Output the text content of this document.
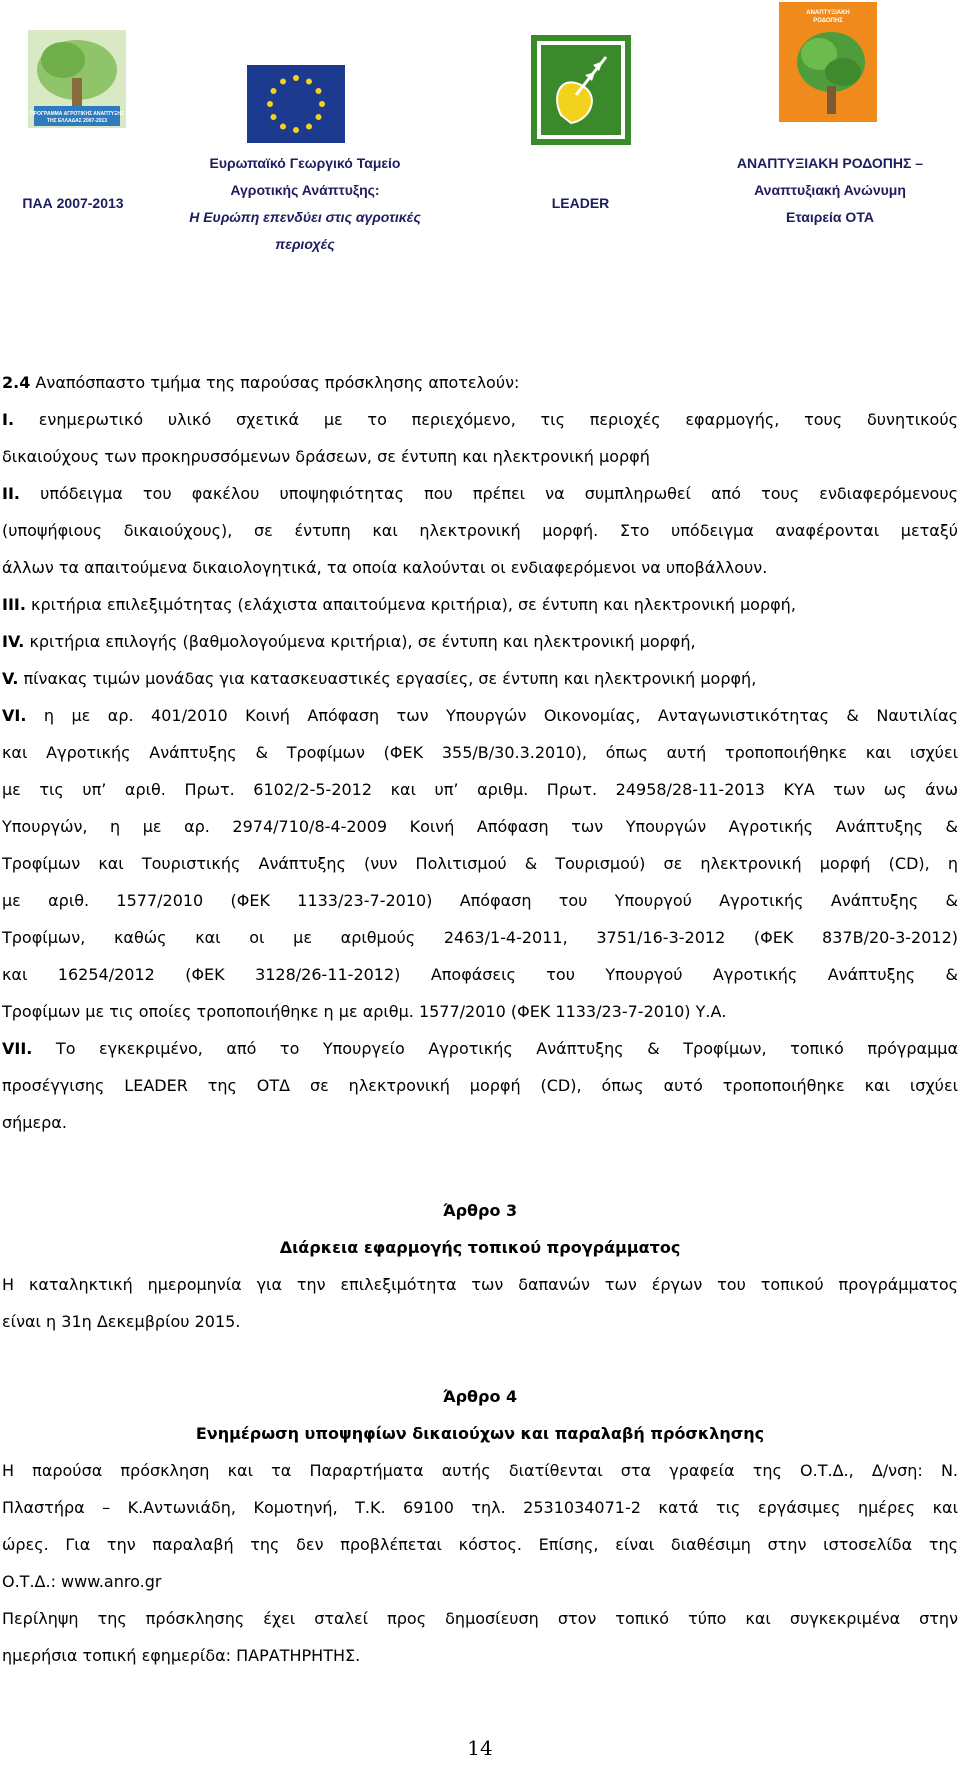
ΠΡΟΓΡΑΜΜΑ ΑΓΡΟΤΙΚΗΣ ΑΝΑΠΤΥΞΗΣ
ΤΗΣ ΕΛΛΑΔΑΣ 2007-2013
ΑΝΑΠΤΥΞΙΑΚΗ
ΡΟΔΟΠΗΣ
ΠΑΑ 2007-2013
Ευρωπαϊκό Γεωργικό Ταμείο
Αγροτικής Ανάπτυξης:
Η Ευρώπη επενδύει στις αγροτικές
περιοχές
LEADER
ΑΝΑΠΤΥΞΙΑΚΗ ΡΟΔΟΠΗΣ –
Αναπτυξιακή Ανώνυμη
Εταιρεία ΟΤΑ
2.4 Αναπόσπαστο τμήμα της παρούσας πρόσκλησης αποτελούν:
I. ενημερωτικό υλικό σχετικά με το περιεχόμενο, τις περιοχές εφαρμογής, τους δυνητικούς
δικαιούχους των προκηρυσσόμενων δράσεων, σε έντυπη και ηλεκτρονική μορφή
II. υπόδειγμα του φακέλου υποψηφιότητας που πρέπει να συμπληρωθεί από τους ενδιαφερόμενους
(υποψήφιους δικαιούχους), σε έντυπη και ηλεκτρονική μορφή. Στο υπόδειγμα αναφέρονται μεταξύ
άλλων τα απαιτούμενα δικαιολογητικά, τα οποία καλούνται οι ενδιαφερόμενοι να υποβάλλουν.
III. κριτήρια επιλεξιμότητας (ελάχιστα απαιτούμενα κριτήρια), σε έντυπη και ηλεκτρονική μορφή,
IV. κριτήρια επιλογής (βαθμολογούμενα κριτήρια), σε έντυπη και ηλεκτρονική μορφή,
V. πίνακας τιμών μονάδας για κατασκευαστικές εργασίες, σε έντυπη και ηλεκτρονική μορφή,
VI. η με αρ. 401/2010 Κοινή Απόφαση των Υπουργών Οικονομίας, Ανταγωνιστικότητας & Ναυτιλίας
και Αγροτικής Ανάπτυξης & Τροφίμων (ΦΕΚ 355/Β/30.3.2010), όπως αυτή τροποποιήθηκε και ισχύει
με τις υπ’ αριθ. Πρωτ. 6102/2-5-2012 και υπ’ αριθμ. Πρωτ. 24958/28-11-2013 ΚΥΑ των ως άνω
Υπουργών, η με αρ. 2974/710/8-4-2009 Κοινή Απόφαση των Υπουργών Αγροτικής Ανάπτυξης &
Τροφίμων και Τουριστικής Ανάπτυξης (νυν Πολιτισμού & Τουρισμού) σε ηλεκτρονική μορφή (CD), η
με αριθ. 1577/2010 (ΦΕΚ 1133/23-7-2010) Απόφαση του Υπουργού Αγροτικής Ανάπτυξης &
Τροφίμων, καθώς και οι με αριθμούς 2463/1-4-2011, 3751/16-3-2012 (ΦΕΚ 837Β/20-3-2012)
και 16254/2012 (ΦΕΚ 3128/26-11-2012) Αποφάσεις του Υπουργού Αγροτικής Ανάπτυξης &
Τροφίμων με τις οποίες τροποποιήθηκε η με αριθμ. 1577/2010 (ΦΕΚ 1133/23-7-2010) Υ.Α.
VII. Το εγκεκριμένο, από το Υπουργείο Αγροτικής Ανάπτυξης & Τροφίμων, τοπικό πρόγραμμα
προσέγγισης LEADER της ΟΤΔ σε ηλεκτρονική μορφή (CD), όπως αυτό τροποποιήθηκε και ισχύει
σήμερα.
Άρθρο 3
Διάρκεια εφαρμογής τοπικού προγράμματος
Η καταληκτική ημερομηνία για την επιλεξιμότητα των δαπανών των έργων του τοπικού προγράμματος
είναι η 31η Δεκεμβρίου 2015.
Άρθρο 4
Ενημέρωση υποψηφίων δικαιούχων και παραλαβή πρόσκλησης
Η παρούσα πρόσκληση και τα Παραρτήματα αυτής διατίθενται στα γραφεία της Ο.Τ.Δ., Δ/νση: Ν.
Πλαστήρα – Κ.Αντωνιάδη, Κομοτηνή, Τ.Κ. 69100 τηλ. 2531034071-2 κατά τις εργάσιμες ημέρες και
ώρες. Για την παραλαβή της δεν προβλέπεται κόστος. Επίσης, είναι διαθέσιμη στην ιστοσελίδα της
Ο.Τ.Δ.: www.anro.gr
Περίληψη της πρόσκλησης έχει σταλεί προς δημοσίευση στον τοπικό τύπο και συγκεκριμένα στην
ημερήσια τοπική εφημερίδα: ΠΑΡΑΤΗΡΗΤΗΣ.
14
